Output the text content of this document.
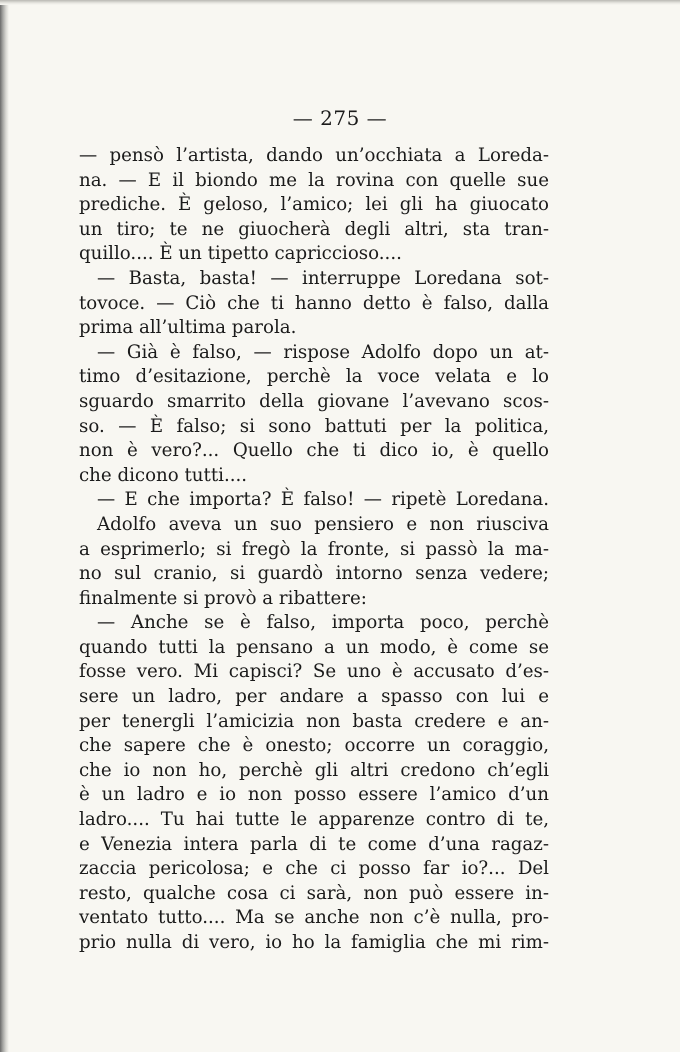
— 275 —
— pensò l’artista, dando un’occhiata a Loreda-
na. — E il biondo me la rovina con quelle sue
prediche. È geloso, l’amico; lei gli ha giuocato
un tiro; te ne giuocherà degli altri, sta tran-
quillo.... È un tipetto capriccioso....
— Basta, basta! — interruppe Loredana sot-
tovoce. — Ciò che ti hanno detto è falso, dalla
prima all’ultima parola.
— Già è falso, — rispose Adolfo dopo un at-
timo d’esitazione, perchè la voce velata e lo
sguardo smarrito della giovane l’avevano scos-
so. — È falso; si sono battuti per la politica,
non è vero?... Quello che ti dico io, è quello
che dicono tutti....
— E che importa? È falso! — ripetè Loredana.
Adolfo aveva un suo pensiero e non riusciva
a esprimerlo; si fregò la fronte, si passò la ma-
no sul cranio, si guardò intorno senza vedere;
finalmente si provò a ribattere:
— Anche se è falso, importa poco, perchè
quando tutti la pensano a un modo, è come se
fosse vero. Mi capisci? Se uno è accusato d’es-
sere un ladro, per andare a spasso con lui e
per tenergli l’amicizia non basta credere e an-
che sapere che è onesto; occorre un coraggio,
che io non ho, perchè gli altri credono ch’egli
è un ladro e io non posso essere l’amico d’un
ladro.... Tu hai tutte le apparenze contro di te,
e Venezia intera parla di te come d’una ragaz-
zaccia pericolosa; e che ci posso far io?... Del
resto, qualche cosa ci sarà, non può essere in-
ventato tutto.... Ma se anche non c’è nulla, pro-
prio nulla di vero, io ho la famiglia che mi rim-
